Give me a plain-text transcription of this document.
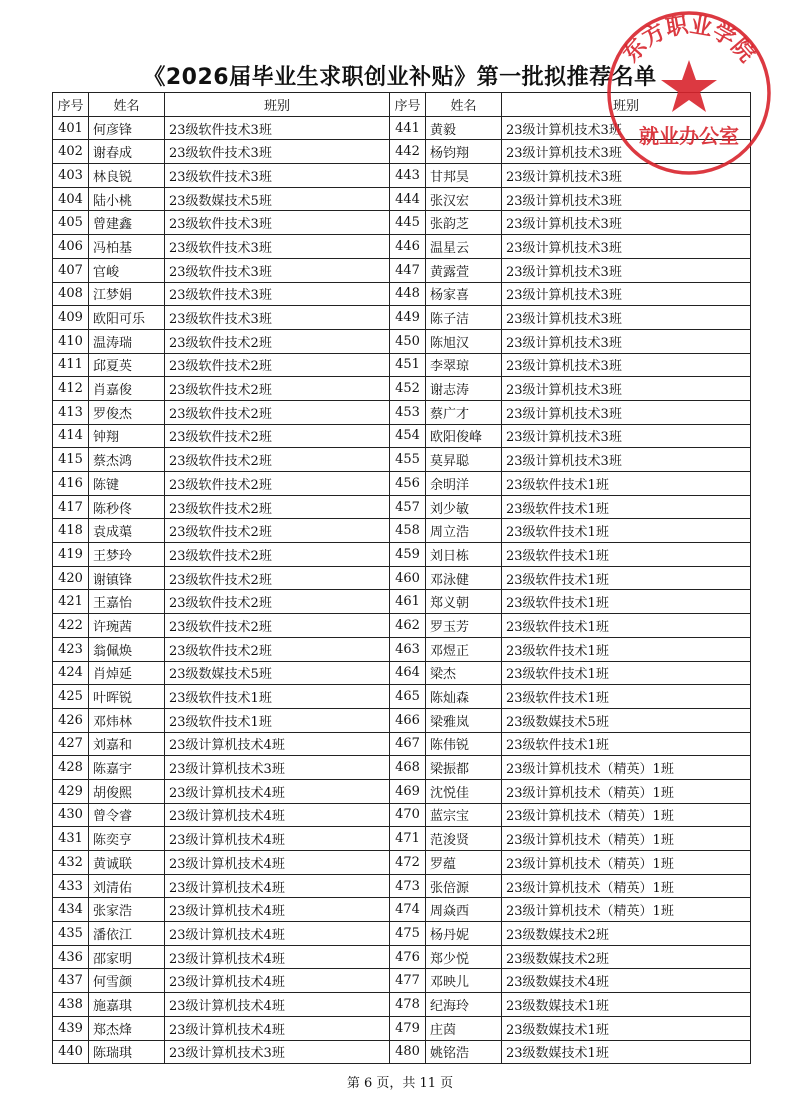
《2026届毕业生求职创业补贴》第一批拟推荐名单
序号	姓名	班别	序号	姓名	班别
401	何彦锋	23级软件技术3班	441	黄毅	23级计算机技术3班
402	谢春成	23级软件技术3班	442	杨钧翔	23级计算机技术3班
403	林良锐	23级软件技术3班	443	甘邦昊	23级计算机技术3班
404	陆小桃	23级数媒技术5班	444	张汉宏	23级计算机技术3班
405	曾建鑫	23级软件技术3班	445	张韵芝	23级计算机技术3班
406	冯柏基	23级软件技术3班	446	温星云	23级计算机技术3班
407	官峻	23级软件技术3班	447	黄露萱	23级计算机技术3班
408	江梦娟	23级软件技术3班	448	杨家喜	23级计算机技术3班
409	欧阳可乐	23级软件技术3班	449	陈子洁	23级计算机技术3班
410	温涛瑞	23级软件技术2班	450	陈旭汉	23级计算机技术3班
411	邱夏英	23级软件技术2班	451	李翠琼	23级计算机技术3班
412	肖嘉俊	23级软件技术2班	452	谢志涛	23级计算机技术3班
413	罗俊杰	23级软件技术2班	453	蔡广才	23级计算机技术3班
414	钟翔	23级软件技术2班	454	欧阳俊峰	23级计算机技术3班
415	蔡杰鸿	23级软件技术2班	455	莫昇聪	23级计算机技术3班
416	陈键	23级软件技术2班	456	余明洋	23级软件技术1班
417	陈秒佟	23级软件技术2班	457	刘少敏	23级软件技术1班
418	袁成蕖	23级软件技术2班	458	周立浩	23级软件技术1班
419	王梦玲	23级软件技术2班	459	刘日栋	23级软件技术1班
420	谢镇锋	23级软件技术2班	460	邓泳健	23级软件技术1班
421	王嘉怡	23级软件技术2班	461	郑义朝	23级软件技术1班
422	许琬茜	23级软件技术2班	462	罗玉芳	23级软件技术1班
423	翁佩焕	23级软件技术2班	463	邓煜正	23级软件技术1班
424	肖焯延	23级数媒技术5班	464	梁杰	23级软件技术1班
425	叶晖锐	23级软件技术1班	465	陈灿森	23级软件技术1班
426	邓炜林	23级软件技术1班	466	梁雅岚	23级数媒技术5班
427	刘嘉和	23级计算机技术4班	467	陈伟锐	23级软件技术1班
428	陈嘉宇	23级计算机技术3班	468	梁振都	23级计算机技术（精英）1班
429	胡俊熙	23级计算机技术4班	469	沈悦佳	23级计算机技术（精英）1班
430	曾令睿	23级计算机技术4班	470	蓝宗宝	23级计算机技术（精英）1班
431	陈奕亨	23级计算机技术4班	471	范浚贤	23级计算机技术（精英）1班
432	黄诚联	23级计算机技术4班	472	罗蕴	23级计算机技术（精英）1班
433	刘清佑	23级计算机技术4班	473	张倍源	23级计算机技术（精英）1班
434	张家浩	23级计算机技术4班	474	周焱西	23级计算机技术（精英）1班
435	潘依江	23级计算机技术4班	475	杨丹妮	23级数媒技术2班
436	邵家明	23级计算机技术4班	476	郑少悦	23级数媒技术2班
437	何雪颜	23级计算机技术4班	477	邓映儿	23级数媒技术4班
438	施嘉琪	23级计算机技术4班	478	纪海玲	23级数媒技术1班
439	郑杰烽	23级计算机技术4班	479	庄茵	23级数媒技术1班
440	陈瑞琪	23级计算机技术3班	480	姚铭浩	23级数媒技术1班
第 6 页，共 11 页
东方职业学院
就业办公室
